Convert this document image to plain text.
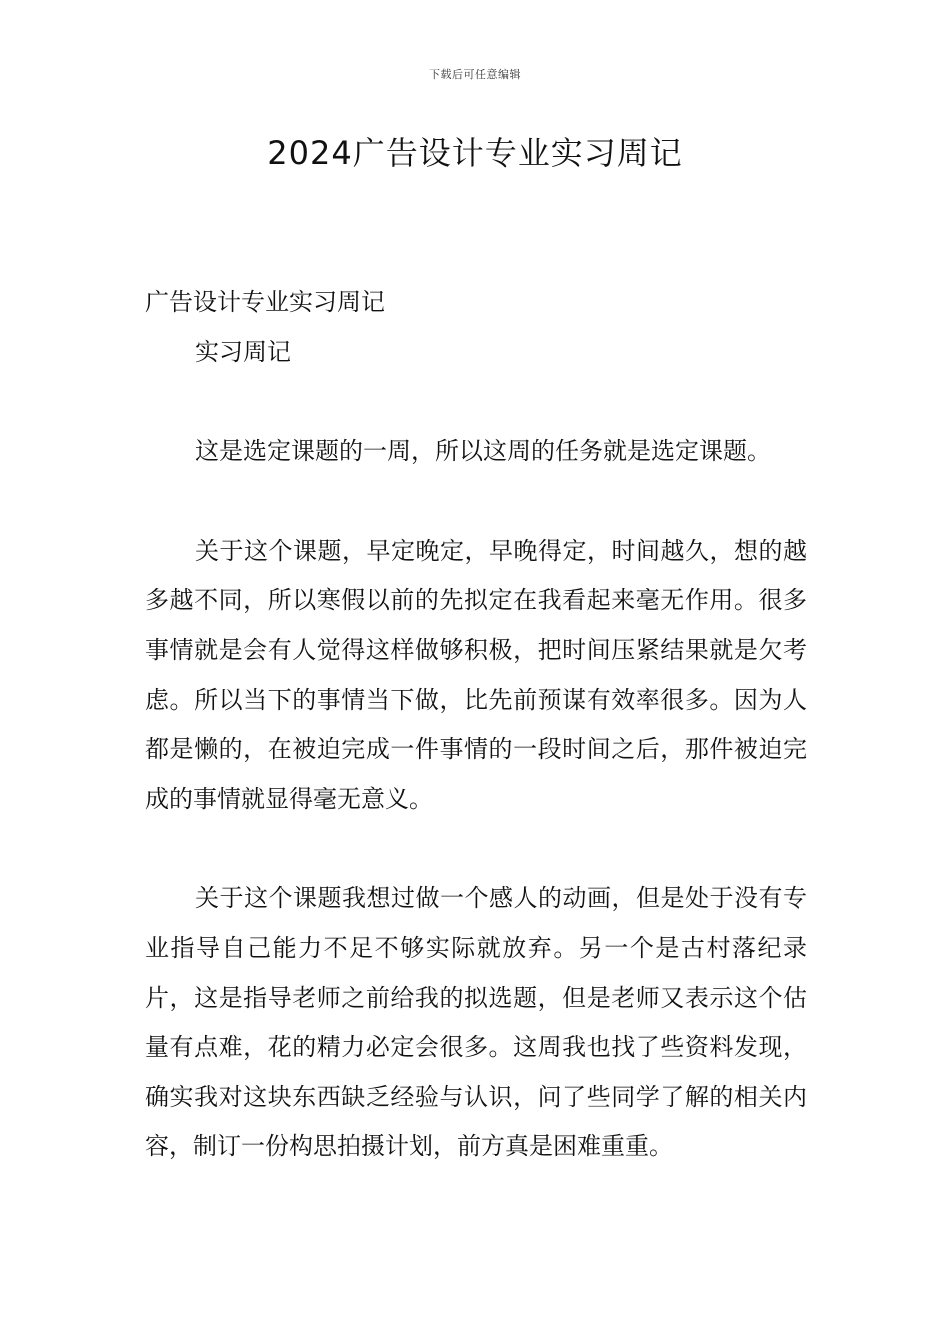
下载后可任意编辑
2024广告设计专业实习周记

广告设计专业实习周记

实习周记

这是选定课题的一周，所以这周的任务就是选定课题。

关于这个课题，早定晚定，早晚得定，时间越久，想的越多越不同，所以寒假以前的先拟定在我看起来毫无作用。很多事情就是会有人觉得这样做够积极，把时间压紧结果就是欠考虑。所以当下的事情当下做，比先前预谋有效率很多。因为人都是懒的，在被迫完成一件事情的一段时间之后，那件被迫完成的事情就显得毫无意义。

关于这个课题我想过做一个感人的动画，但是处于没有专业指导自己能力不足不够实际就放弃。另一个是古村落纪录片，这是指导老师之前给我的拟选题，但是老师又表示这个估量有点难，花的精力必定会很多。这周我也找了些资料发现，确实我对这块东西缺乏经验与认识，问了些同学了解的相关内容，制订一份构思拍摄计划，前方真是困难重重。
